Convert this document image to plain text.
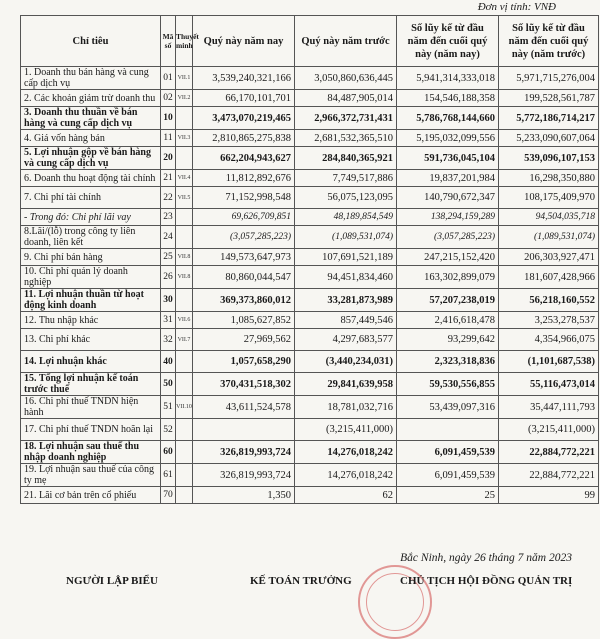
Đơn vị tính: VNĐ
Chỉ tiêu	Mã số	Thuyết minh	Quý này năm nay	Quý này năm trước	Số lũy kế từ đầu năm đến cuối quý này (năm nay)	Số lũy kế từ đầu năm đến cuối quý này (năm trước)
1. Doanh thu bán hàng và cung cấp dịch vụ	01	VII.1	3,539,240,321,166	3,050,860,636,445	5,941,314,333,018	5,971,715,276,004
2. Các khoản giảm trừ doanh thu	02	VII.2	66,170,101,701	84,487,905,014	154,546,188,358	199,528,561,787
3. Doanh thu thuần về bán hàng và cung cấp dịch vụ	10		3,473,070,219,465	2,966,372,731,431	5,786,768,144,660	5,772,186,714,217
4. Giá vốn hàng bán	11	VII.3	2,810,865,275,838	2,681,532,365,510	5,195,032,099,556	5,233,090,607,064
5. Lợi nhuận gộp về bán hàng và cung cấp dịch vụ	20		662,204,943,627	284,840,365,921	591,736,045,104	539,096,107,153
6. Doanh thu hoạt động tài chính	21	VII.4	11,812,892,676	7,749,517,886	19,837,201,984	16,298,350,880
7. Chi phí tài chính	22	VII.5	71,152,998,548	56,075,123,095	140,790,672,347	108,175,409,970
- Trong đó: Chi phí lãi vay	23		69,626,709,851	48,189,854,549	138,294,159,289	94,504,035,718
8.Lãi/(lỗ) trong công ty liên doanh, liên kết	24		(3,057,285,223)	(1,089,531,074)	(3,057,285,223)	(1,089,531,074)
9. Chi phí bán hàng	25	VII.8	149,573,647,973	107,691,521,189	247,215,152,420	206,303,927,471
10. Chi phí quản lý doanh nghiệp	26	VII.8	80,860,044,547	94,451,834,460	163,302,899,079	181,607,428,966
11. Lợi nhuận thuần từ hoạt động kinh doanh	30		369,373,860,012	33,281,873,989	57,207,238,019	56,218,160,552
12. Thu nhập khác	31	VII.6	1,085,627,852	857,449,546	2,416,618,478	3,253,278,537
13. Chi phí khác	32	VII.7	27,969,562	4,297,683,577	93,299,642	4,354,966,075
14. Lợi nhuận khác	40		1,057,658,290	(3,440,234,031)	2,323,318,836	(1,101,687,538)
15. Tổng lợi nhuận kế toán trước thuế	50		370,431,518,302	29,841,639,958	59,530,556,855	55,116,473,014
16. Chi phí thuế TNDN hiện hành	51	VII.10	43,611,524,578	18,781,032,716	53,439,097,316	35,447,111,793
17. Chi phí thuế TNDN hoãn lại	52			(3,215,411,000)		(3,215,411,000)
18. Lợi nhuận sau thuế thu nhập doanh nghiệp	60		326,819,993,724	14,276,018,242	6,091,459,539	22,884,772,221
19. Lợi nhuận sau thuế của công ty mẹ	61		326,819,993,724	14,276,018,242	6,091,459,539	22,884,772,221
21. Lãi cơ bản trên cổ phiếu	70		1,350	62	25	99
Bắc Ninh, ngày 26 tháng 7 năm 2023
NGƯỜI LẬP BIỂU	KẾ TOÁN TRƯỞNG	CHỦ TỊCH HỘI ĐỒNG QUẢN TRỊ
